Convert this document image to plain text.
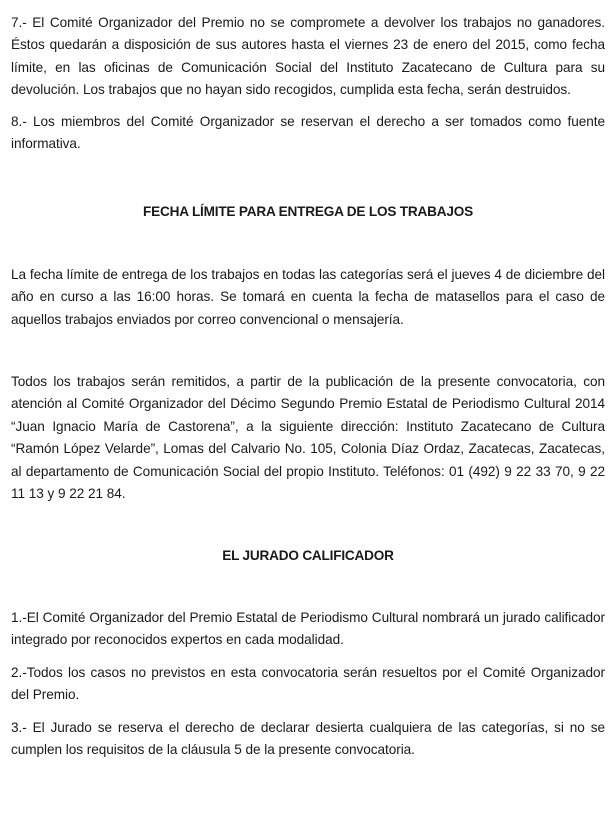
7.- El Comité Organizador del Premio no se compromete a devolver los trabajos no ganadores. Éstos quedarán a disposición de sus autores hasta el viernes 23 de enero del 2015, como fecha límite, en las oficinas de Comunicación Social del Instituto Zacatecano de Cultura para su devolución. Los trabajos que no hayan sido recogidos, cumplida esta fecha, serán destruidos.

8.- Los miembros del Comité Organizador se reservan el derecho a ser tomados como fuente informativa.

FECHA LÍMITE PARA ENTREGA DE LOS TRABAJOS

La fecha límite de entrega de los trabajos en todas las categorías será el jueves 4 de diciembre del año en curso a las 16:00 horas. Se tomará en cuenta la fecha de matasellos para el caso de aquellos trabajos enviados por correo convencional o mensajería.

Todos los trabajos serán remitidos, a partir de la publicación de la presente convocatoria, con atención al Comité Organizador del Décimo Segundo Premio Estatal de Periodismo Cultural 2014 “Juan Ignacio María de Castorena”, a la siguiente dirección: Instituto Zacatecano de Cultura “Ramón López Velarde”, Lomas del Calvario No. 105, Colonia Díaz Ordaz, Zacatecas, Zacatecas, al departamento de Comunicación Social del propio Instituto. Teléfonos: 01 (492) 9 22 33 70, 9 22 11 13 y 9 22 21 84.

EL JURADO CALIFICADOR

1.-El Comité Organizador del Premio Estatal de Periodismo Cultural nombrará un jurado calificador integrado por reconocidos expertos en cada modalidad.

2.-Todos los casos no previstos en esta convocatoria serán resueltos por el Comité Organizador del Premio.

3.- El Jurado se reserva el derecho de declarar desierta cualquiera de las categorías, si no se cumplen los requisitos de la cláusula 5 de la presente convocatoria.
